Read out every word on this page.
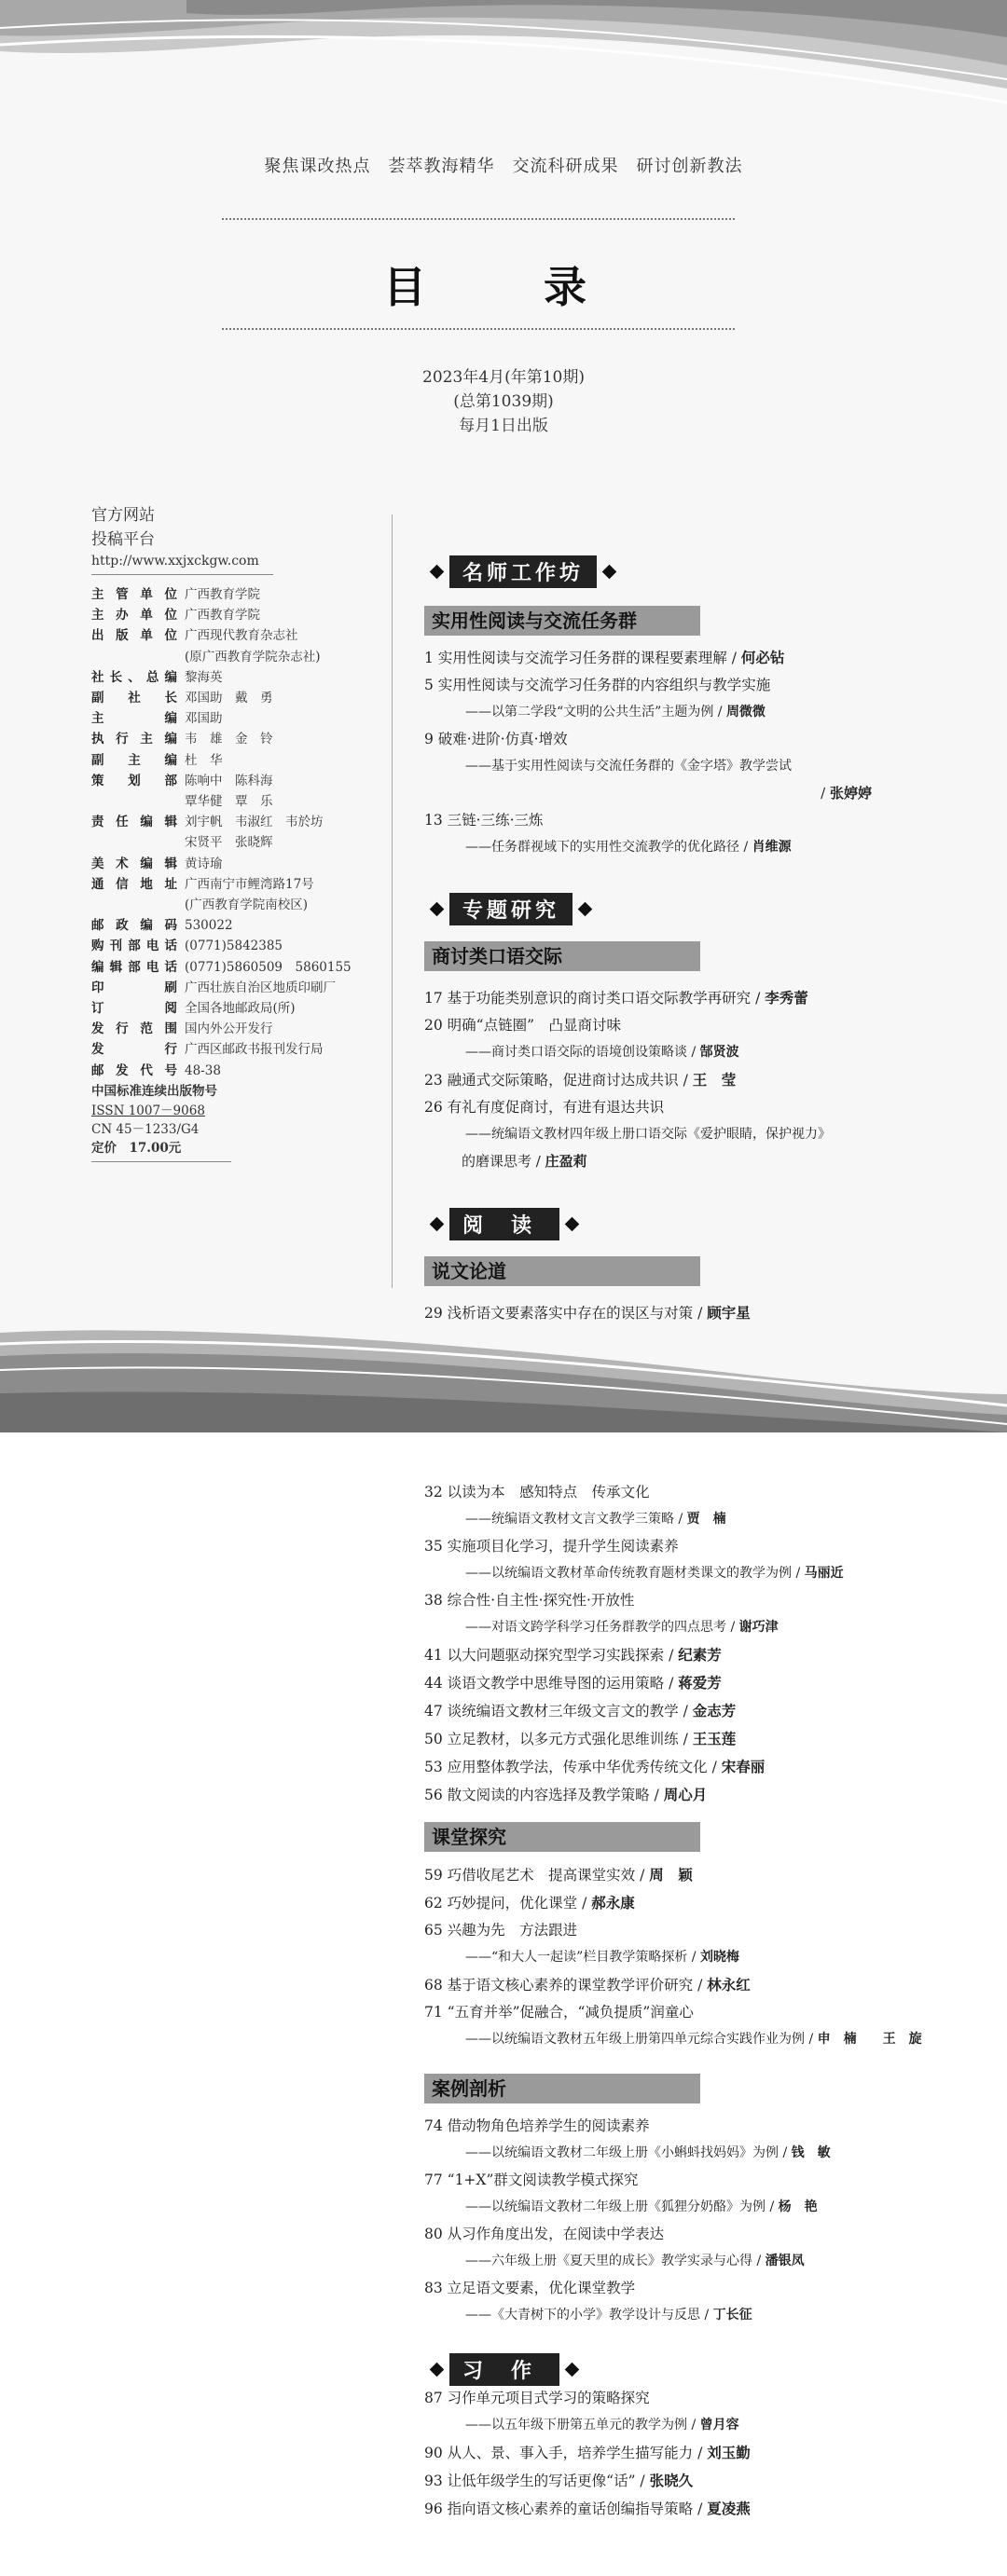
聚焦课改热点　荟萃教海精华　交流科研成果　研讨创新教法
目　录
2023年4月(年第10期)
(总第1039期)
每月1日出版
官方网站
投稿平台
http://www.xxjxckgw.com
主管单位 广西教育学院
主办单位 广西教育学院
出版单位 广西现代教育杂志社
(原广西教育学院杂志社)
社长、总编 黎海英
副社长 邓国助　戴　勇
主编 邓国助
执行主编 韦　雄　金　铃
副主编 杜　华
策划部 陈响中　陈科海
覃华健　覃　乐
责任编辑 刘宇帆　韦淑红　韦於坊
宋贤平　张晓辉
美术编辑 黄诗瑜
通信地址 广西南宁市鲤湾路17号
(广西教育学院南校区)
邮政编码 530022
购刊部电话 (0771)5842385
编辑部电话 (0771)5860509　5860155
印刷 广西壮族自治区地质印刷厂
订阅 全国各地邮政局(所)
发行范围 国内外公开发行
发行 广西区邮政书报刊发行局
邮发代号 48-38
中国标准连续出版物号
ISSN 1007－9068
CN 45－1233/G4
定价　17.00元
名师工作坊
实用性阅读与交流任务群
1 实用性阅读与交流学习任务群的课程要素理解 / 何必钻
5 实用性阅读与交流学习任务群的内容组织与教学实施
——以第二学段“文明的公共生活”主题为例 / 周微微
9 破难·进阶·仿真·增效
——基于实用性阅读与交流任务群的《金字塔》教学尝试
/ 张婷婷
13 三链·三练·三炼
——任务群视域下的实用性交流教学的优化路径 / 肖维源
专题研究
商讨类口语交际
17 基于功能类别意识的商讨类口语交际教学再研究 / 李秀蕾
20 明确“点链圈”　凸显商讨味
——商讨类口语交际的语境创设策略谈 / 郜贤波
23 融通式交际策略，促进商讨达成共识 / 王　莹
26 有礼有度促商讨，有进有退达共识
——统编语文教材四年级上册口语交际《爱护眼睛，保护视力》
的磨课思考 / 庄盈莉
阅读
说文论道
29 浅析语文要素落实中存在的误区与对策 / 顾宇星
32 以读为本　感知特点　传承文化
——统编语文教材文言文教学三策略 / 贾　楠
35 实施项目化学习，提升学生阅读素养
——以统编语文教材革命传统教育题材类课文的教学为例 / 马丽近
38 综合性·自主性·探究性·开放性
——对语文跨学科学习任务群教学的四点思考 / 谢巧津
41 以大问题驱动探究型学习实践探索 / 纪素芳
44 谈语文教学中思维导图的运用策略 / 蒋爱芳
47 谈统编语文教材三年级文言文的教学 / 金志芳
50 立足教材，以多元方式强化思维训练 / 王玉莲
53 应用整体教学法，传承中华优秀传统文化 / 宋春丽
56 散文阅读的内容选择及教学策略 / 周心月
课堂探究
59 巧借收尾艺术　提高课堂实效 / 周　颖
62 巧妙提问，优化课堂 / 郝永康
65 兴趣为先　方法跟进
——“和大人一起读”栏目教学策略探析 / 刘晓梅
68 基于语文核心素养的课堂教学评价研究 / 林永红
71 “五育并举”促融合，“减负提质”润童心
——以统编语文教材五年级上册第四单元综合实践作业为例 / 申　楠　　王　旋
案例剖析
74 借动物角色培养学生的阅读素养
——以统编语文教材二年级上册《小蝌蚪找妈妈》为例 / 钱　敏
77 “1+X”群文阅读教学模式探究
——以统编语文教材二年级上册《狐狸分奶酪》为例 / 杨　艳
80 从习作角度出发，在阅读中学表达
——六年级上册《夏天里的成长》教学实录与心得 / 潘银凤
83 立足语文要素，优化课堂教学
——《大青树下的小学》教学设计与反思 / 丁长征
习作
87 习作单元项目式学习的策略探究
——以五年级下册第五单元的教学为例 / 曾月容
90 从人、景、事入手，培养学生描写能力 / 刘玉勤
93 让低年级学生的写话更像“话” / 张晓久
96 指向语文核心素养的童话创编指导策略 / 夏凌燕
